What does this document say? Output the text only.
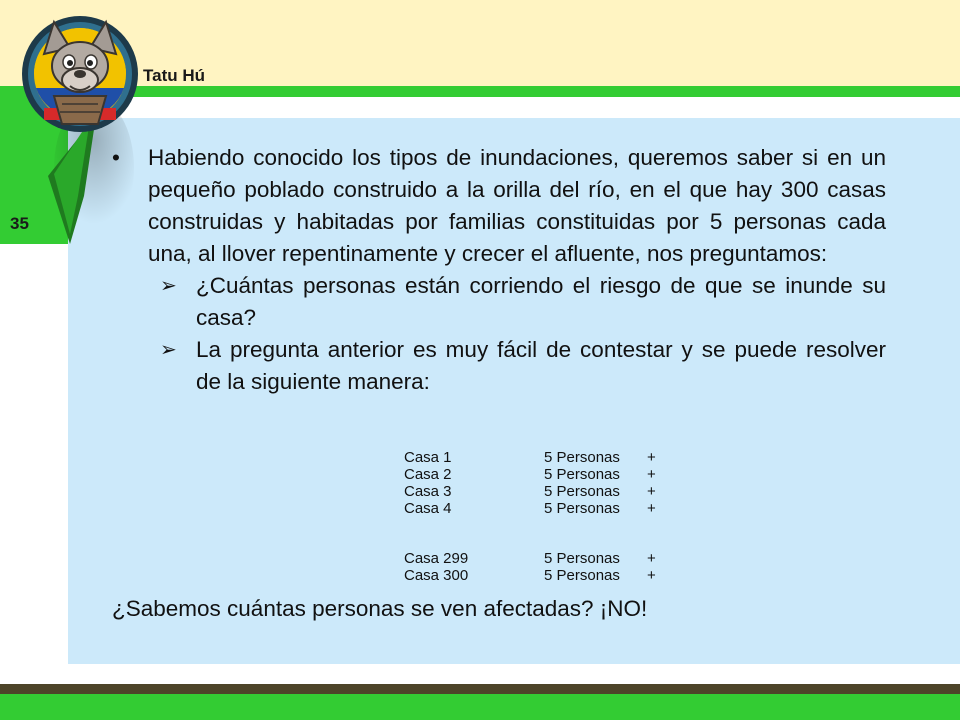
Tatu Hú
35
•	Habiendo conocido los tipos de inundaciones, queremos saber si en un pequeño poblado construido a la orilla del río, en el que hay 300 casas construidas y habitadas por familias constituidas por 5 personas cada una, al llover repentinamente y crecer el afluente, nos preguntamos:
➢ ¿Cuántas personas están corriendo el riesgo de que se inunde su casa?
➢ La pregunta anterior es muy fácil de contestar y se puede resolver de la siguiente manera:
Casa 1	5 Personas	+
Casa 2	5 Personas	+
Casa 3	5 Personas	+
Casa 4	5 Personas	+
Casa 299	5 Personas	+
Casa 300	5 Personas	+
¿Sabemos cuántas personas se ven afectadas? ¡NO!
